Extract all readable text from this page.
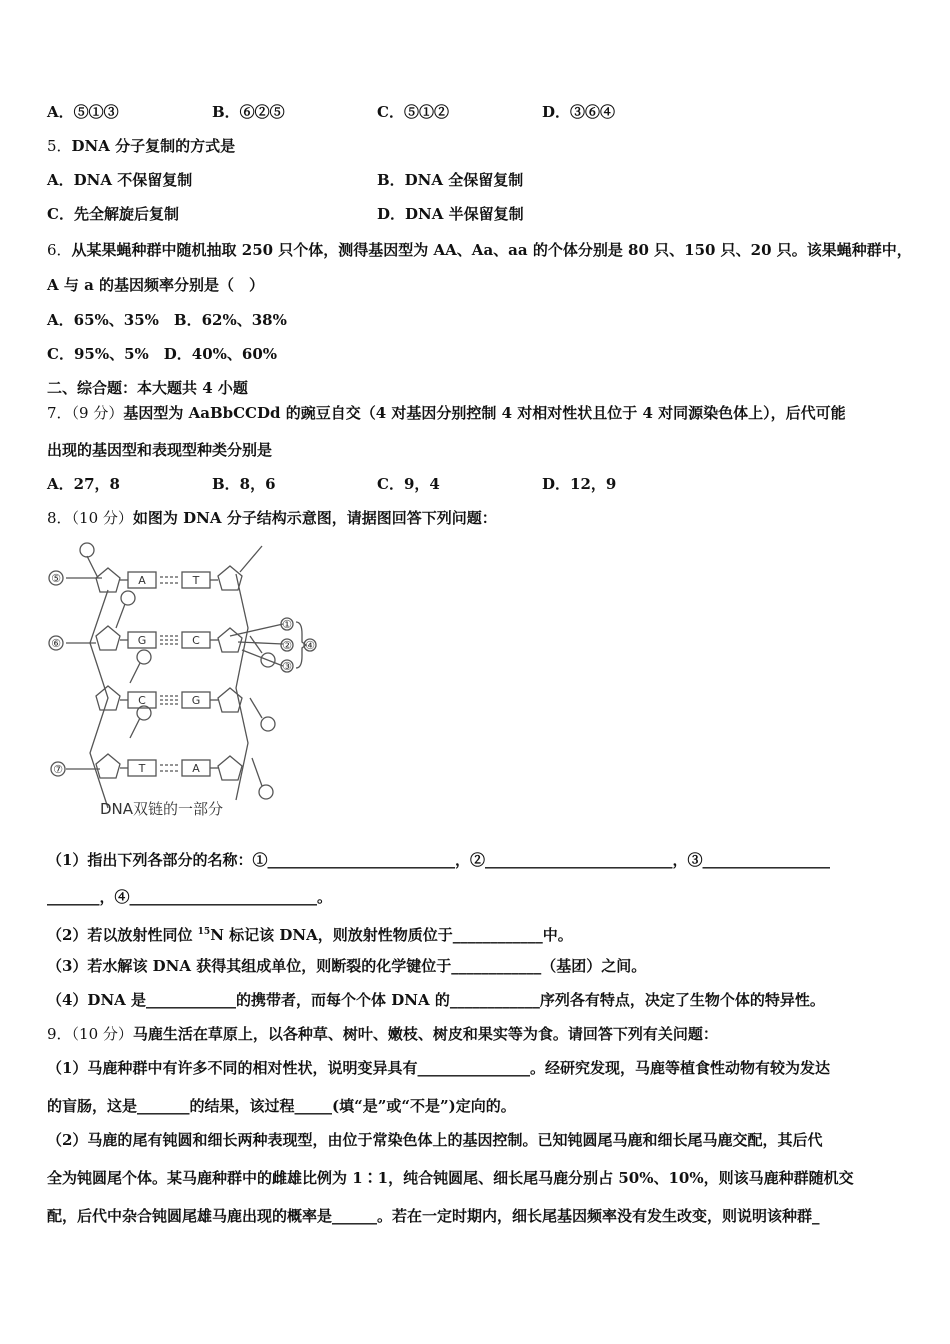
A．⑤①③	B．⑥②⑤	C．⑤①②	D．③⑥④
5．DNA 分子复制的方式是
A．DNA 不保留复制	B．DNA 全保留复制
C．先全解旋后复制	D．DNA 半保留复制
6．从某果蝇种群中随机抽取 250 只个体，测得基因型为 AA、Aa、aa 的个体分别是 80 只、150 只、20 只。该果蝇种群中，
A 与 a 的基因频率分别是（　）
A．65%、35%　B．62%、38%
C．95%、5%　D．40%、60%
二、综合题：本大题共 4 小题
7．（9 分）基因型为 AaBbCCDd 的豌豆自交（4 对基因分别控制 4 对相对性状且位于 4 对同源染色体上），后代可能
出现的基因型和表现型种类分别是
A．27，8	B．8，6	C．9，4	D．12，9
8．（10 分）如图为 DNA 分子结构示意图，请据图回答下列问题：
A	T
G	C
C	G
T	A
⑤
⑥
⑦
①
②
③
④
DNA双链的一部分
（1）指出下列各部分的名称：①_________________________，②_________________________，③_________________
_______，④_________________________。
（2）若以放射性同位 $^{15}$N 标记该 DNA，则放射性物质位于____________中。
（3）若水解该 DNA 获得其组成单位，则断裂的化学键位于____________（基团）之间。
（4）DNA 是____________的携带者，而每个个体 DNA 的____________序列各有特点，决定了生物个体的特异性。
9．（10 分）马鹿生活在草原上，以各种草、树叶、嫩枝、树皮和果实等为食。请回答下列有关问题：
（1）马鹿种群中有许多不同的相对性状，说明变异具有_______________。经研究发现，马鹿等植食性动物有较为发达
的盲肠，这是_______的结果，该过程_____(填“是”或“不是”)定向的。
（2）马鹿的尾有钝圆和细长两种表现型，由位于常染色体上的基因控制。已知钝圆尾马鹿和细长尾马鹿交配，其后代
全为钝圆尾个体。某马鹿种群中的雌雄比例为 1∶1，纯合钝圆尾、细长尾马鹿分别占 50%、10%，则该马鹿种群随机交
配，后代中杂合钝圆尾雄马鹿出现的概率是______。若在一定时期内，细长尾基因频率没有发生改变，则说明该种群_
